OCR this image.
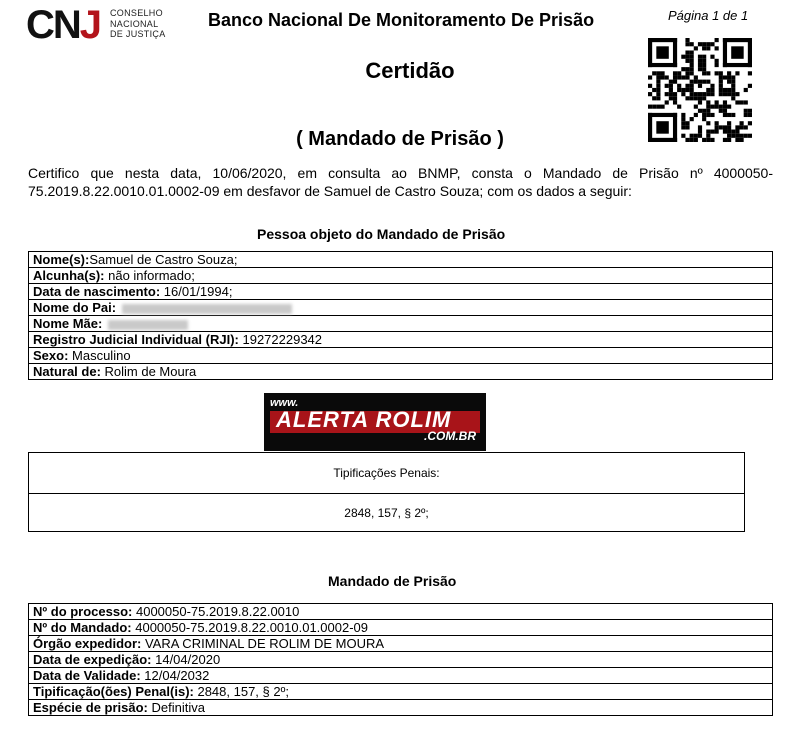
CNJ CONSELHO
NACIONAL
DE JUSTIÇA
Banco Nacional De Monitoramento De Prisão	Página 1 de 1
Certidão
( Mandado de Prisão )
Certifico que nesta data, 10/06/2020, em consulta ao BNMP, consta o Mandado de Prisão nº 4000050-75.2019.8.22.0010.01.0002-09 em desfavor de Samuel de Castro Souza; com os dados a seguir:
Pessoa objeto do Mandado de Prisão
Nome(s):Samuel de Castro Souza;
Alcunha(s): não informado;
Data de nascimento: 16/01/1994;
Nome do Pai:
Nome Mãe:
Registro Judicial Individual (RJI): 19272229342
Sexo: Masculino
Natural de: Rolim de Moura
www.
ALERTA ROLIM
.COM.BR
Tipificações Penais:
2848, 157, § 2º;
Mandado de Prisão
Nº do processo: 4000050-75.2019.8.22.0010
Nº do Mandado: 4000050-75.2019.8.22.0010.01.0002-09
Órgão expedidor: VARA CRIMINAL DE ROLIM DE MOURA
Data de expedição: 14/04/2020
Data de Validade: 12/04/2032
Tipificação(ões) Penal(is): 2848, 157, § 2º;
Espécie de prisão: Definitiva
